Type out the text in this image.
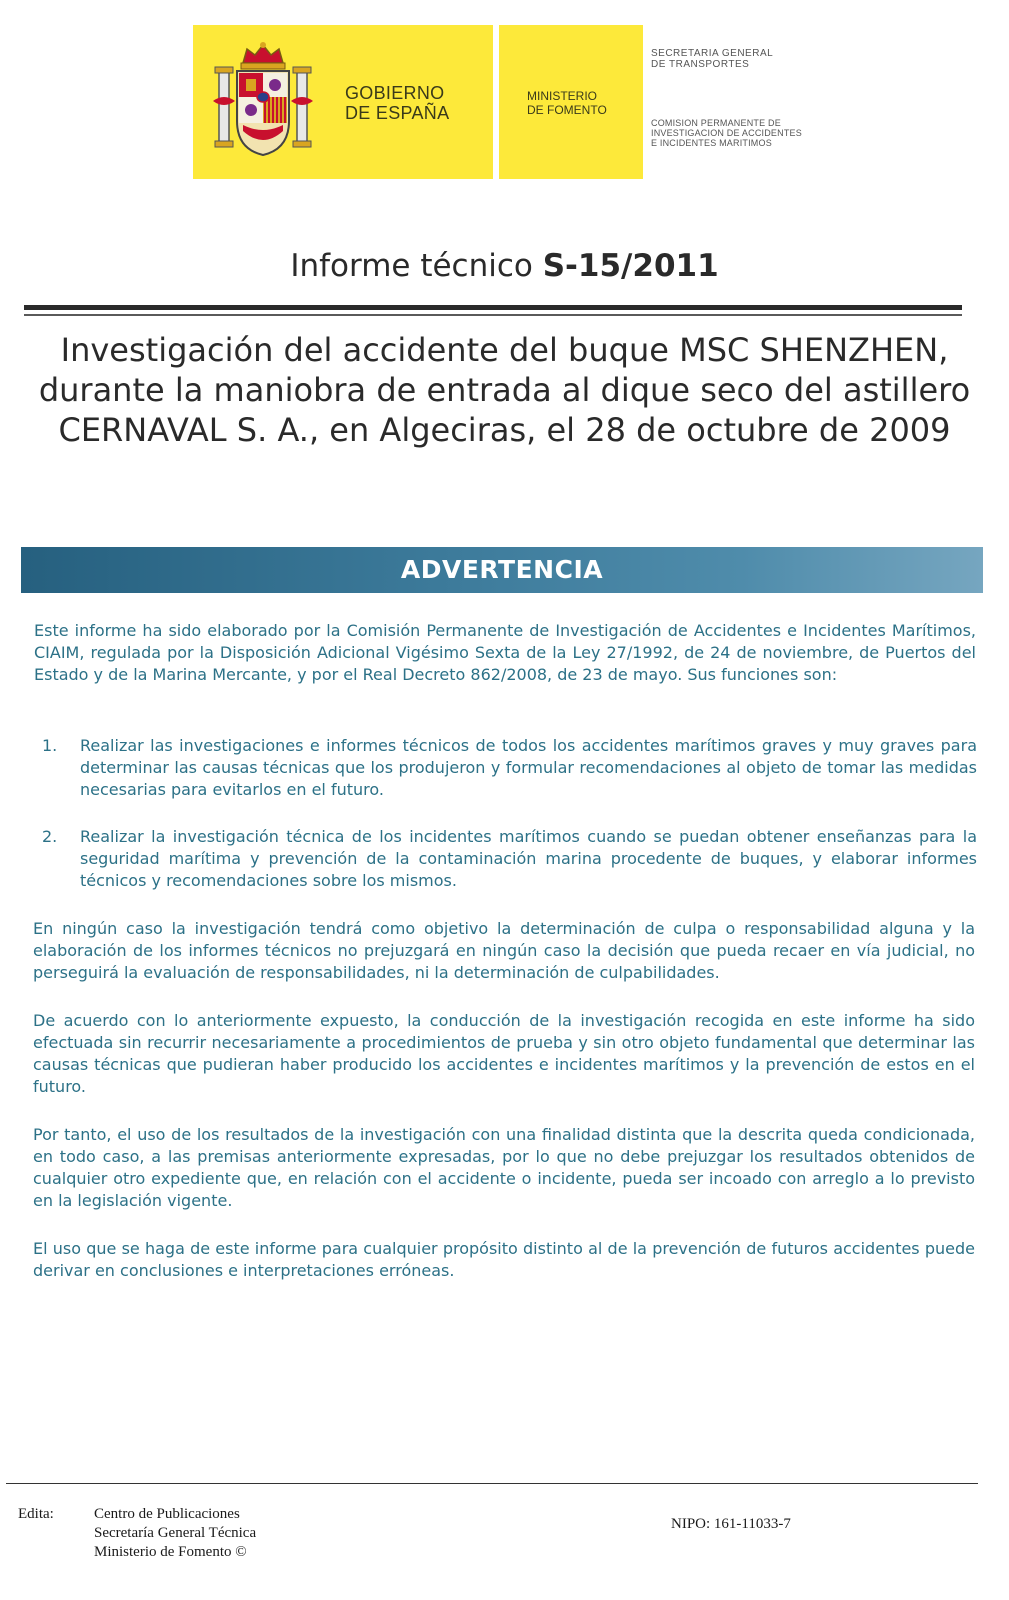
GOBIERNO
DE ESPAÑA
MINISTERIO
DE FOMENTO
SECRETARIA GENERAL
DE TRANSPORTES
COMISION PERMANENTE DE
INVESTIGACION DE ACCIDENTES
E INCIDENTES MARITIMOS
Informe técnico S-15/2011
Investigación del accidente del buque MSC SHENZHEN,
durante la maniobra de entrada al dique seco del astillero
CERNAVAL S. A., en Algeciras, el 28 de octubre de 2009
ADVERTENCIA

Este informe ha sido elaborado por la Comisión Permanente de Investigación de Accidentes e Incidentes Marítimos, CIAIM, regulada por la Disposición Adicional Vigésimo Sexta de la Ley 27/1992, de 24 de noviembre, de Puertos del Estado y de la Marina Mercante, y por el Real Decreto 862/2008, de 23 de mayo. Sus funciones son:

1.	Realizar las investigaciones e informes técnicos de todos los accidentes marítimos graves y muy graves para determinar las causas técnicas que los produjeron y formular recomendaciones al objeto de tomar las medidas necesarias para evitarlos en el futuro.
2.	Realizar la investigación técnica de los incidentes marítimos cuando se puedan obtener enseñanzas para la seguridad marítima y prevención de la contaminación marina procedente de buques, y elaborar informes técnicos y recomendaciones sobre los mismos.

En ningún caso la investigación tendrá como objetivo la determinación de culpa o responsabilidad alguna y la elaboración de los informes técnicos no prejuzgará en ningún caso la decisión que pueda recaer en vía judicial, no perseguirá la evaluación de responsabilidades, ni la determinación de culpabilidades.

De acuerdo con lo anteriormente expuesto, la conducción de la investigación recogida en este informe ha sido efectuada sin recurrir necesariamente a procedimientos de prueba y sin otro objeto fundamental que determinar las causas técnicas que pudieran haber producido los accidentes e incidentes marítimos y la prevención de estos en el futuro.

Por tanto, el uso de los resultados de la investigación con una finalidad distinta que la descrita queda condicionada, en todo caso, a las premisas anteriormente expresadas, por lo que no debe prejuzgar los resultados obtenidos de cualquier otro expediente que, en relación con el accidente o incidente, pueda ser incoado con arreglo a lo previsto en la legislación vigente.

El uso que se haga de este informe para cualquier propósito distinto al de la prevención de futuros accidentes puede derivar en conclusiones e interpretaciones erróneas.

Edita:	Centro de Publicaciones
Secretaría General Técnica
Ministerio de Fomento ©
NIPO: 161-11033-7
